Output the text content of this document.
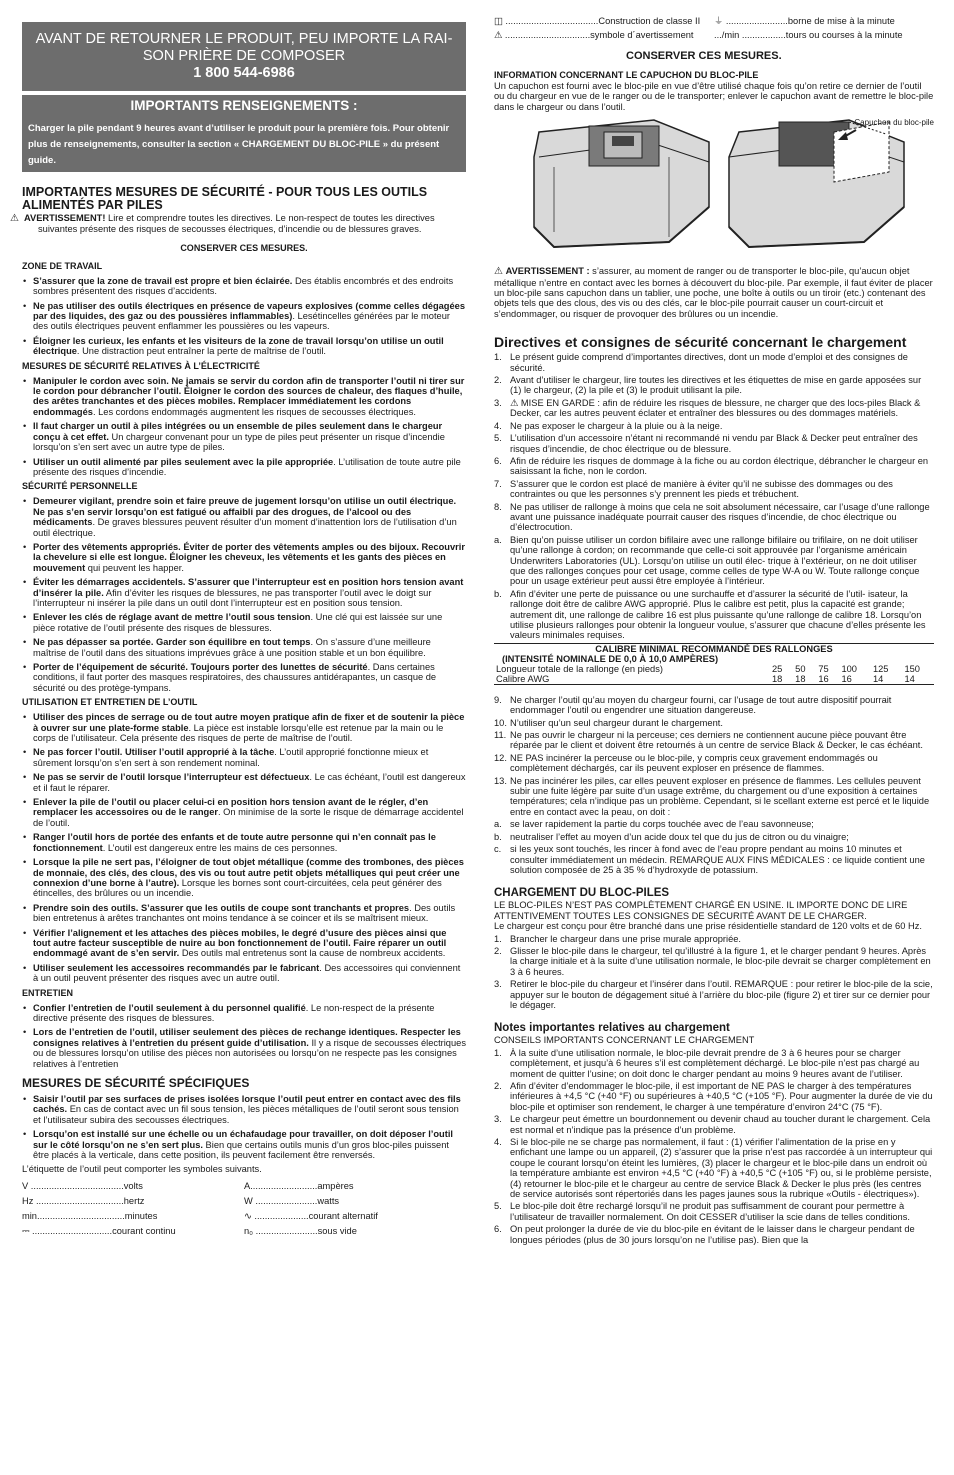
AVANT DE RETOURNER LE PRODUIT, PEU IMPORTE LA RAI-
SON PRIÈRE DE COMPOSER
1 800 544-6986
IMPORTANTS RENSEIGNEMENTS :
Charger la pile pendant 9 heures avant d’utiliser le produit pour la première fois. Pour obtenir plus de renseignements, consulter la section « CHARGEMENT DU BLOC-PILE » du présent guide.
IMPORTANTES MESURES DE SÉCURITÉ - POUR TOUS LES OUTILS ALIMENTÉS PAR PILES
⚠ AVERTISSEMENT! Lire et comprendre toutes les directives. Le non-respect de toutes les directives suivantes présente des risques de secousses électriques, d’incendie ou de blessures graves.
CONSERVER CES MESURES.
ZONE DE TRAVAIL
• S’assurer que la zone de travail est propre et bien éclairée. Des établis encombrés et des endroits sombres présentent des risques d’accidents.
• Ne pas utiliser des outils électriques en présence de vapeurs explosives (comme celles dégagées par des liquides, des gaz ou des poussières inflammables). Lesétincelles générées par le moteur des outils électriques peuvent enflammer les poussières ou les vapeurs.
• Éloigner les curieux, les enfants et les visiteurs de la zone de travail lorsqu’on utilise un outil électrique. Une distraction peut entraîner la perte de maîtrise de l’outil.
MESURES DE SÉCURITÉ RELATIVES À L’ÉLECTRICITÉ
• Manipuler le cordon avec soin. Ne jamais se servir du cordon afin de transporter l’outil ni tirer sur le cordon pour débrancher l’outil. Éloigner le cordon des sources de chaleur, des flaques d’huile, des arêtes tranchantes et des pièces mobiles. Remplacer immédiatement les cordons endommagés. Les cordons endommagés augmentent les risques de secousses électriques.
• Il faut charger un outil à piles intégrées ou un ensemble de piles seulement dans le chargeur conçu à cet effet. Un chargeur convenant pour un type de piles peut présenter un risque d’incendie lorsqu’on s’en sert avec un autre type de piles.
• Utiliser un outil alimenté par piles seulement avec la pile appropriée. L’utilisation de toute autre pile présente des risques d’incendie.
SÉCURITÉ PERSONNELLE
• Demeurer vigilant, prendre soin et faire preuve de jugement lorsqu’on utilise un outil électrique. Ne pas s’en servir lorsqu’on est fatigué ou affaibli par des drogues, de l’alcool ou des médicaments. De graves blessures peuvent résulter d’un moment d’inattention lors de l’utilisation d’un outil électrique.
• Porter des vêtements appropriés. Éviter de porter des vêtements amples ou des bijoux. Recouvrir la chevelure si elle est longue. Éloigner les cheveux, les vêtements et les gants des pièces en mouvement qui peuvent les happer.
• Éviter les démarrages accidentels. S’assurer que l’interrupteur est en position hors tension avant d’insérer la pile. Afin d’éviter les risques de blessures, ne pas transporter l’outil avec le doigt sur l’interrupteur ni insérer la pile dans un outil dont l’interrupteur est en position sous tension.
• Enlever les clés de réglage avant de mettre l’outil sous tension. Une clé qui est laissée sur une pièce rotative de l’outil présente des risques de blessures.
• Ne pas dépasser sa portée. Garder son équilibre en tout temps. On s’assure d’une meilleure maîtrise de l’outil dans des situations imprévues grâce à une position stable et un bon équilibre.
• Porter de l’équipement de sécurité. Toujours porter des lunettes de sécurité. Dans certaines conditions, il faut porter des masques respiratoires, des chaussures antidérapantes, un casque de sécurité ou des protège-tympans.
UTILISATION ET ENTRETIEN DE L’OUTIL
• Utiliser des pinces de serrage ou de tout autre moyen pratique afin de fixer et de soutenir la pièce à ouvrer sur une plate-forme stable. La pièce est instable lorsqu’elle est retenue par la main ou le corps de l’utilisateur. Cela présente des risques de perte de maîtrise de l’outil.
• Ne pas forcer l’outil. Utiliser l’outil approprié à la tâche. L’outil approprié fonctionne mieux et sûrement lorsqu’on s’en sert à son rendement nominal.
• Ne pas se servir de l’outil lorsque l’interrupteur est défectueux. Le cas échéant, l’outil est dangereux et il faut le réparer.
• Enlever la pile de l’outil ou placer celui-ci en position hors tension avant de le régler, d’en remplacer les accessoires ou de le ranger. On minimise de la sorte le risque de démarrage accidentel de l’outil.
• Ranger l’outil hors de portée des enfants et de toute autre personne qui n’en connaît pas le fonctionnement. L’outil est dangereux entre les mains de ces personnes.
• Lorsque la pile ne sert pas, l’éloigner de tout objet métallique (comme des trombones, des pièces de monnaie, des clés, des clous, des vis ou tout autre petit objets métalliques qui peut créer une connexion d’une borne à l’autre). Lorsque les bornes sont court-circuitées, cela peut générer des étincelles, des brûlures ou un incendie.
• Prendre soin des outils. S’assurer que les outils de coupe sont tranchants et propres. Des outils bien entretenus à arêtes tranchantes ont moins tendance à se coincer et ils se maîtrisent mieux.
• Vérifier l’alignement et les attaches des pièces mobiles, le degré d’usure des pièces ainsi que tout autre facteur susceptible de nuire au bon fonctionnement de l’outil. Faire réparer un outil endommagé avant de s’en servir. Des outils mal entretenus sont la cause de nombreux accidents.
• Utiliser seulement les accessoires recommandés par le fabricant. Des accessoires qui conviennent à un outil peuvent présenter des risques avec un autre outil.
ENTRETIEN
• Confier l’entretien de l’outil seulement à du personnel qualifié. Le non-respect de la présente directive présente des risques de blessures.
• Lors de l’entretien de l’outil, utiliser seulement des pièces de rechange identiques. Respecter les consignes relatives à l’entretien du présent guide d’utilisation. Il y a risque de secousses électriques ou de blessures lorsqu’on utilise des pièces non autorisées ou lorsqu’on ne respecte pas les consignes relatives à l’entretien
MESURES DE SÉCURITÉ SPÉCIFIQUES
• Saisir l’outil par ses surfaces de prises isolées lorsque l’outil peut entrer en contact avec des fils cachés. En cas de contact avec un fil sous tension, les pièces métalliques de l’outil seront sous tension et l’utilisateur subira des secousses électriques.
• Lorsqu’on est installé sur une échelle ou un échafaudage pour travailler, on doit déposer l’outil sur le côté lorsqu’on ne s’en sert plus. Bien que certains outils munis d’un gros bloc-piles puissent être placés à la verticale, dans cette position, ils peuvent facilement être renversés.
L’étiquette de l’outil peut comporter les symboles suivants.
V ....................................volts	A..........................ampères
Hz ..................................hertz	W ........................watts
min..................................minutes	∿ .....................courant alternatif
⎓ ...............................courant continu	n₀ ........................sous vide
◫ ....................................Construction de classe II	⏚ ........................borne de mise à la minute
⚠ .................................symbole d´avertissement	.../min .................tours ou courses à la minute
CONSERVER CES MESURES.
INFORMATION CONCERNANT LE CAPUCHON DU BLOC-PILE
Un capuchon est fourni avec le bloc-pile en vue d’être utilisé chaque fois qu’on retire ce dernier de l’outil ou du chargeur en vue de le ranger ou de le transporter; enlever le capuchon avant de remettre le bloc-pile dans le chargeur ou dans l’outil.
Capuchon du bloc-pile
⚠ AVERTISSEMENT : s’assurer, au moment de ranger ou de transporter le bloc-pile, qu’aucun objet métallique n’entre en contact avec les bornes à découvert du bloc-pile. Par exemple, il faut éviter de placer un bloc-pile sans capuchon dans un tablier, une poche, une boîte à outils ou un tiroir (etc.) contenant des objets tels que des clous, des vis ou des clés, car le bloc-pile pourrait causer un court-circuit et s’endommager, ou risquer de provoquer des brûlures ou un incendie.
Directives et consignes de sécurité concernant le chargement
1. Le présent guide comprend d’importantes directives, dont un mode d’emploi et des consignes de sécurité.
2. Avant d’utiliser le chargeur, lire toutes les directives et les étiquettes de mise en garde apposées sur (1) le chargeur, (2) la pile et (3) le produit utilisant la pile.
3. ⚠ MISE EN GARDE : afin de réduire les risques de blessure, ne charger que des locs-piles Black & Decker, car les autres peuvent éclater et entraîner des blessures ou des dommages matériels.
4. Ne pas exposer le chargeur à la pluie ou à la neige.
5. L’utilisation d’un accessoire n’étant ni recommandé ni vendu par Black & Decker peut entraîner des risques d’incendie, de choc électrique ou de blessure.
6. Afin de réduire les risques de dommage à la fiche ou au cordon électrique, débrancher le chargeur en saisissant la fiche, non le cordon.
7. S’assurer que le cordon est placé de manière à éviter qu’il ne subisse des dommages ou des contraintes ou que les personnes s’y prennent les pieds et trébuchent.
8. Ne pas utiliser de rallonge à moins que cela ne soit absolument nécessaire, car l’usage d’une rallonge avant une puissance inadéquate pourrait causer des risques d’incendie, de choc électrique ou d’électrocution.
a. Bien qu’on puisse utiliser un cordon bifilaire avec une rallonge bifilaire ou trifilaire, on ne doit utiliser qu’une rallonge à cordon; on recommande que celle-ci soit approuvée par l’organisme américain Underwriters Laboratories (UL). Lorsqu’on utilise un outil élec- trique à l’extérieur, on ne doit utiliser que des rallonges conçues pour cet usage, comme celles de type W-A ou W. Toute rallonge conçue pour un usage extérieur peut aussi être employée à l’intérieur.
b. Afin d’éviter une perte de puissance ou une surchauffe et d’assurer la sécurité de l’util- isateur, la rallonge doit être de calibre AWG approprié. Plus le calibre est petit, plus la capacité est grande; autrement dit, une rallonge de calibre 16 est plus puissante qu’une rallonge de calibre 18. Lorsqu’on utilise plusieurs rallonges pour obtenir la longueur voulue, s’assurer que chacune d’elles présente les valeurs minimales requises.
CALIBRE MINIMAL RECOMMANDÉ DES RALLONGES						
(INTENSITÉ NOMINALE DE 0,0 À 10,0 AMPÈRES)						
Longueur totale de la rallonge (en pieds)	25	50	75	100	125	150
Calibre AWG	18	18	16	16	14	14
9. Ne charger l’outil qu’au moyen du chargeur fourni, car l’usage de tout autre dispositif pourrait endommager l’outil ou engendrer une situation dangereuse.
10. N’utiliser qu’un seul chargeur durant le chargement.
11. Ne pas ouvrir le chargeur ni la perceuse; ces derniers ne contiennent aucune pièce pouvant être réparée par le client et doivent être retournés à un centre de service Black & Decker, le cas échéant.
12. NE PAS incinérer la perceuse ou le bloc-pile, y compris ceux gravement endommagés ou complètement déchargés, car ils peuvent exploser en présence de flammes.
13. Ne pas incinérer les piles, car elles peuvent exploser en présence de flammes. Les cellules peuvent subir une fuite légère par suite d’un usage extrême, du chargement ou d’une exposition à certaines températures; cela n’indique pas un problème. Cependant, si le scellant externe est percé et le liquide entre en contact avec la peau, on doit :
a. se laver rapidement la partie du corps touchée avec de l’eau savonneuse;
b. neutraliser l’effet au moyen d’un acide doux tel que du jus de citron ou du vinaigre;
c. si les yeux sont touchés, les rincer à fond avec de l’eau propre pendant au moins 10 minutes et consulter immédiatement un médecin. REMARQUE AUX FINS MÉDICALES : ce liquide contient une solution composée de 25 à 35 % d’hydroxyde de potassium.
CHARGEMENT DU BLOC-PILES
LE BLOC-PILES N’EST PAS COMPLÈTEMENT CHARGÉ EN USINE. IL IMPORTE DONC DE LIRE ATTENTIVEMENT TOUTES LES CONSIGNES DE SÉCURITÉ AVANT DE LE CHARGER.
Le chargeur est conçu pour être branché dans une prise résidentielle standard de 120 volts et de 60 Hz.
1. Brancher le chargeur dans une prise murale appropriée.
2. Glisser le bloc-pile dans le chargeur, tel qu’illustré à la figure 1, et le charger pendant 9 heures. Après la charge initiale et à la suite d’une utilisation normale, le bloc-pile devrait se charger complètement en 3 à 6 heures.
3. Retirer le bloc-pile du chargeur et l’insérer dans l’outil. REMARQUE : pour retirer le bloc-pile de la scie, appuyer sur le bouton de dégagement situé à l’arrière du bloc-pile (figure 2) et tirer sur ce dernier pour le dégager.
Notes importantes relatives au chargement
CONSEILS IMPORTANTS CONCERNANT LE CHARGEMENT
1. À la suite d’une utilisation normale, le bloc-pile devrait prendre de 3 à 6 heures pour se charger complètement, et jusqu’à 6 heures s’il est complètement déchargé. Le bloc-pile n’est pas chargé au moment de quitter l’usine; on doit donc le charger pendant au moins 9 heures avant de l’utiliser.
2. Afin d’éviter d’endommager le bloc-pile, il est important de NE PAS le charger à des températures inférieures à +4,5 °C (+40 °F) ou supérieures à +40,5 °C (+105 °F). Pour augmenter la durée de vie du bloc-pile et optimiser son rendement, le charger à une température d’environ 24°C (75 °F).
3. Le chargeur peut émettre un bourdonnement ou devenir chaud au toucher durant le chargement. Cela est normal et n’indique pas la présence d’un problème.
4. Si le bloc-pile ne se charge pas normalement, il faut : (1) vérifier l’alimentation de la prise en y enfichant une lampe ou un appareil, (2) s’assurer que la prise n’est pas raccordée à un interrupteur qui coupe le courant lorsqu’on éteint les lumières, (3) placer le chargeur et le bloc-pile dans un endroit où la température ambiante est environ +4,5 °C (+40 °F) à +40,5 °C (+105 °F) ou, si le problème persiste, (4) retourner le bloc-pile et le chargeur au centre de service Black & Decker le plus près (les centres de service autorisés sont répertoriés dans les pages jaunes sous la rubrique «Outils - électriques»).
5. Le bloc-pile doit être rechargé lorsqu’il ne produit pas suffisamment de courant pour permettre à l’utilisateur de travailler normalement. On doit CESSER d’utiliser la scie dans de telles conditions.
6. On peut prolonger la durée de vie du bloc-pile en évitant de le laisser dans le chargeur pendant de longues périodes (plus de 30 jours lorsqu’on ne l’utilise pas). Bien que la
